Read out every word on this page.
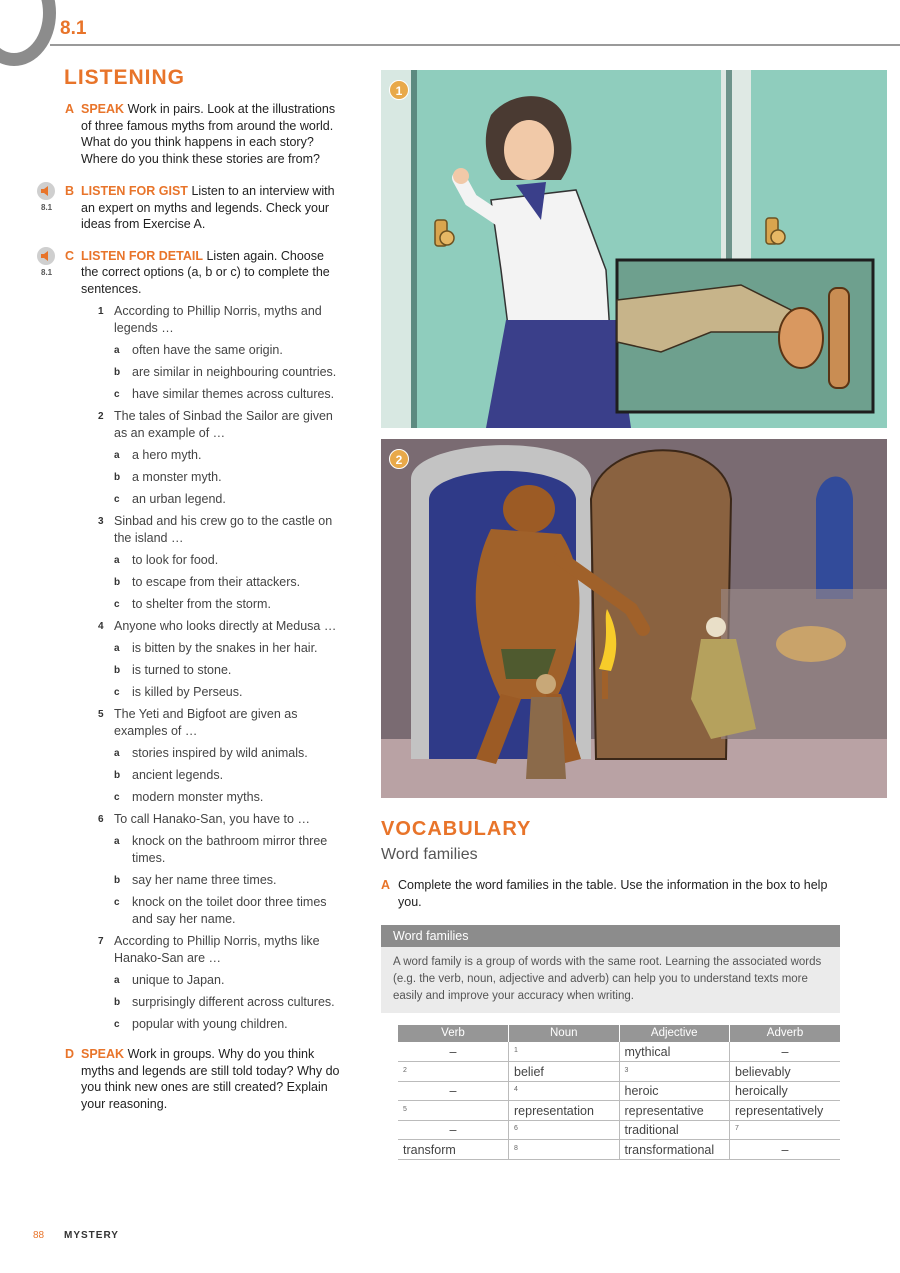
8.1
LISTENING
A SPEAK Work in pairs. Look at the illustrations of three famous myths from around the world. What do you think happens in each story? Where do you think these stories are from?
8.1
B LISTEN FOR GIST Listen to an interview with an expert on myths and legends. Check your ideas from Exercise A.
8.1
C LISTEN FOR DETAIL Listen again. Choose the correct options (a, b or c) to complete the sentences.
1 According to Phillip Norris, myths and legends …
a often have the same origin.
b are similar in neighbouring countries.
c have similar themes across cultures.
2 The tales of Sinbad the Sailor are given as an example of …
a a hero myth.
b a monster myth.
c an urban legend.
3 Sinbad and his crew go to the castle on the island …
a to look for food.
b to escape from their attackers.
c to shelter from the storm.
4 Anyone who looks directly at Medusa …
a is bitten by the snakes in her hair.
b is turned to stone.
c is killed by Perseus.
5 The Yeti and Bigfoot are given as examples of …
a stories inspired by wild animals.
b ancient legends.
c modern monster myths.
6 To call Hanako-San, you have to …
a knock on the bathroom mirror three times.
b say her name three times.
c knock on the toilet door three times and say her name.
7 According to Phillip Norris, myths like Hanako-San are …
a unique to Japan.
b surprisingly different across cultures.
c popular with young children.
D SPEAK Work in groups. Why do you think myths and legends are still told today? Why do you think new ones are still created? Explain your reasoning.
1
2
VOCABULARY
Word families
A Complete the word families in the table. Use the information in the box to help you.
Word families
A word family is a group of words with the same root. Learning the associated words (e.g. the verb, noun, adjective and adverb) can help you to understand texts more easily and improve your accuracy when writing.
Verb	Noun	Adjective	Adverb
–	$^1$	mythical	–
$^2$	belief	$^3$	believably
–	$^4$	heroic	heroically
$^5$	representation	representative	representatively
–	$^6$	traditional	$^7$
transform	$^8$	transformational	–
88 MYSTERY
